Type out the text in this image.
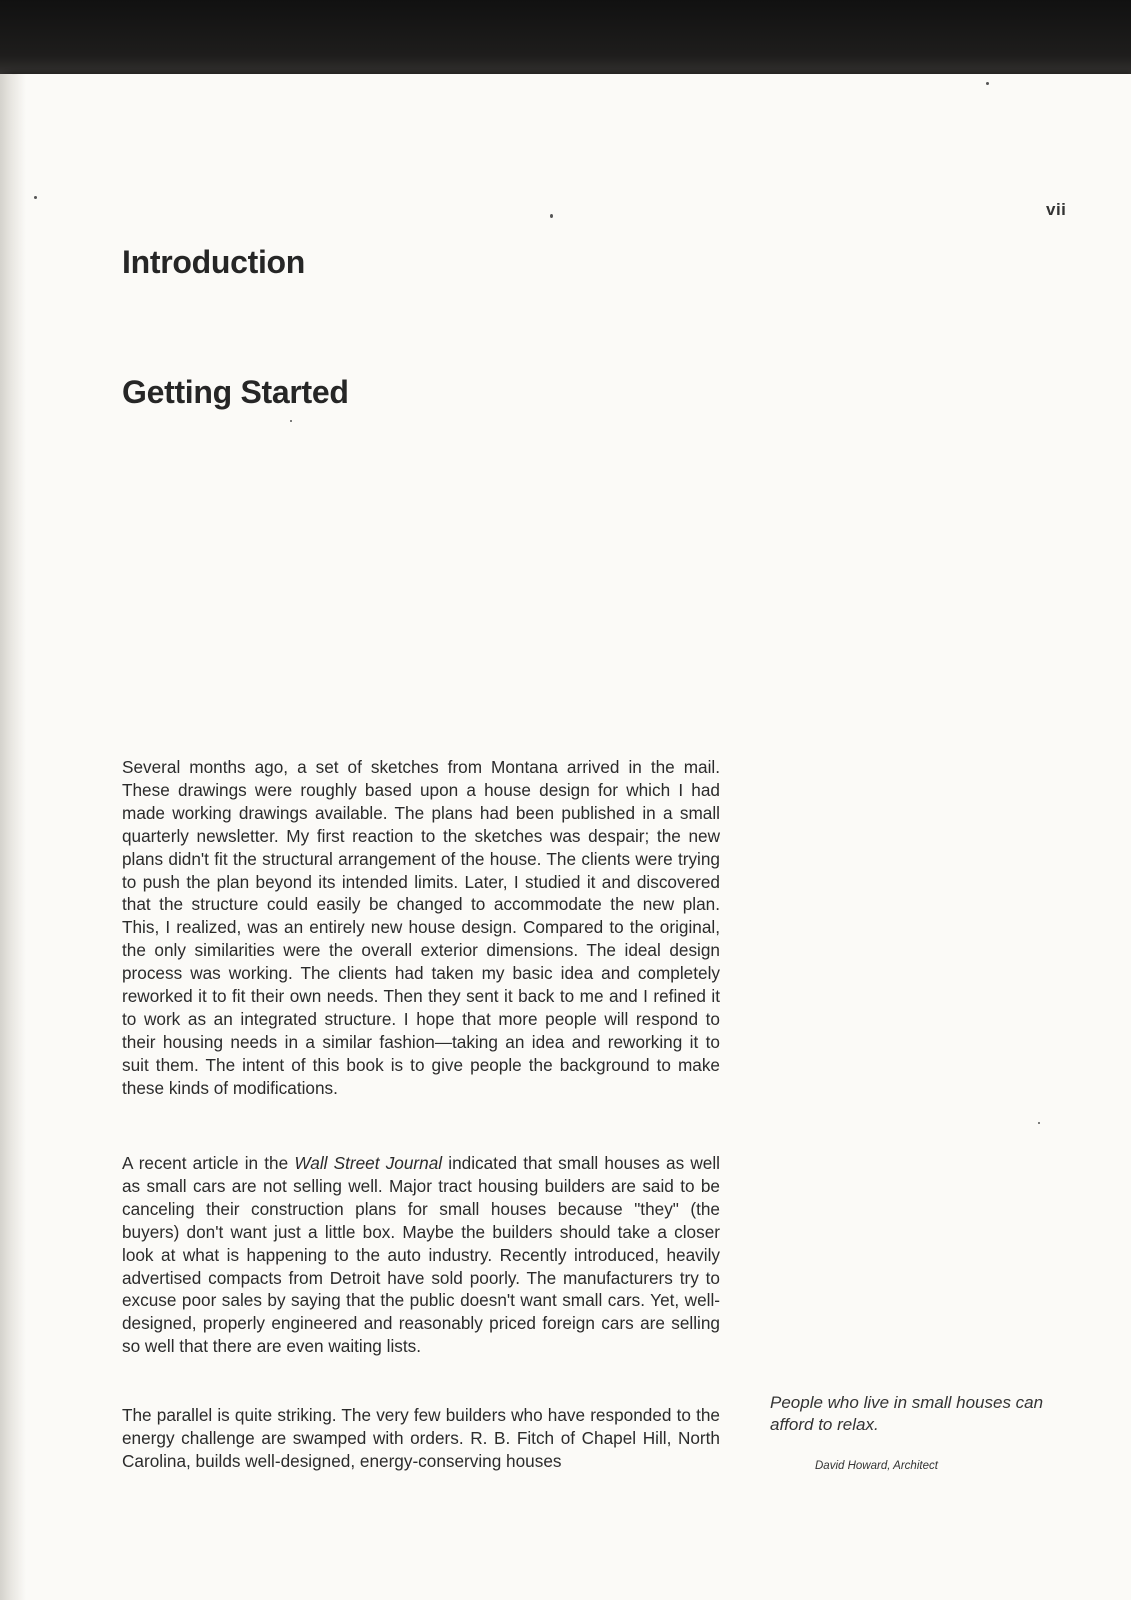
vii
Introduction
Getting Started

Several months ago, a set of sketches from Montana arrived in the mail. These drawings were roughly based upon a house design for which I had made working drawings available. The plans had been published in a small quarterly newsletter. My first reaction to the sketches was despair; the new plans didn't fit the structural arrangement of the house. The clients were trying to push the plan beyond its intended limits. Later, I studied it and discovered that the structure could easily be changed to accommodate the new plan. This, I realized, was an entirely new house design. Compared to the original, the only similarities were the overall exterior dimensions. The ideal design process was working. The clients had taken my basic idea and completely reworked it to fit their own needs. Then they sent it back to me and I refined it to work as an integrated structure. I hope that more people will respond to their housing needs in a similar fashion—taking an idea and reworking it to suit them. The intent of this book is to give people the background to make these kinds of modifications.

A recent article in the Wall Street Journal indicated that small houses as well as small cars are not selling well. Major tract housing builders are said to be canceling their construction plans for small houses because "they" (the buyers) don't want just a little box. Maybe the builders should take a closer look at what is happening to the auto industry. Recently introduced, heavily advertised compacts from Detroit have sold poorly. The manufacturers try to excuse poor sales by saying that the public doesn't want small cars. Yet, well-designed, properly engineered and reasonably priced foreign cars are selling so well that there are even waiting lists.

The parallel is quite striking. The very few builders who have responded to the energy challenge are swamped with orders. R. B. Fitch of Chapel Hill, North Carolina, builds well-designed, energy-conserving houses

People who live in small houses can afford to relax.
David Howard, Architect
